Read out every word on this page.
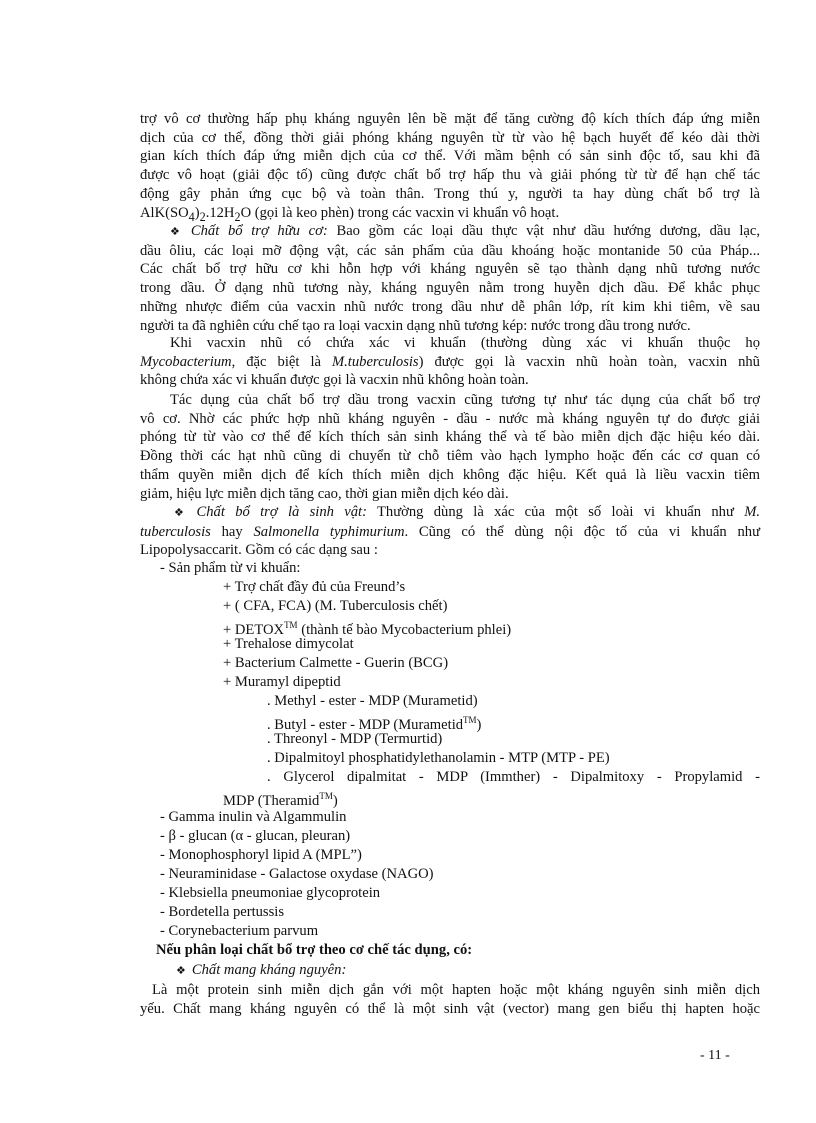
trợ vô cơ thường hấp phụ kháng nguyên lên bề mặt để tăng cường độ kích thích đáp ứng miễn
dịch của cơ thể, đồng thời giải phóng kháng nguyên từ từ vào hệ bạch huyết để kéo dài thời
gian kích thích đáp ứng miễn dịch của cơ thể. Với mầm bệnh có sản sinh độc tố, sau khi đã
được vô hoạt (giải độc tố) cũng được chất bổ trợ hấp thu và giải phóng từ từ để hạn chế tác
động gây phản ứng cục bộ và toàn thân. Trong thú y, người ta hay dùng chất bổ trợ là
$AlK(SO_4)_2.12H_2O$ (gọi là keo phèn) trong các vacxin vi khuẩn vô hoạt.
❖ Chất bổ trợ hữu cơ: Bao gồm các loại dầu thực vật như dầu hướng dương, dầu lạc,
dầu ôliu, các loại mỡ động vật, các sản phẩm của dầu khoáng hoặc montanide 50 của Pháp...
Các chất bổ trợ hữu cơ khi hỗn hợp với kháng nguyên sẽ tạo thành dạng nhũ tương nước
trong dầu. Ở dạng nhũ tương này, kháng nguyên nằm trong huyễn dịch dầu. Để khắc phục
những nhược điểm của vacxin nhũ nước trong dầu như dễ phân lớp, rít kim khi tiêm, về sau
người ta đã nghiên cứu chế tạo ra loại vacxin dạng nhũ tương kép: nước trong dầu trong nước.
Khi vacxin nhũ có chứa xác vi khuẩn (thường dùng xác vi khuẩn thuộc họ
Mycobacterium, đặc biệt là M.tuberculosis) được gọi là vacxin nhũ hoàn toàn, vacxin nhũ
không chứa xác vi khuẩn được gọi là vacxin nhũ không hoàn toàn.
Tác dụng của chất bổ trợ dầu trong vacxin cũng tương tự như tác dụng của chất bổ trợ
vô cơ. Nhờ các phức hợp nhũ kháng nguyên - dầu - nước mà kháng nguyên tự do được giải
phóng từ từ vào cơ thể để kích thích sản sinh kháng thể và tế bào miễn dịch đặc hiệu kéo dài.
Đồng thời các hạt nhũ cũng di chuyển từ chỗ tiêm vào hạch lympho hoặc đến các cơ quan có
thẩm quyền miễn dịch để kích thích miễn dịch không đặc hiệu. Kết quả là liều vacxin tiêm
giảm, hiệu lực miễn dịch tăng cao, thời gian miễn dịch kéo dài.
❖ Chất bổ trợ là sinh vật: Thường dùng là xác của một số loài vi khuẩn như M.
tuberculosis hay Salmonella typhimurium. Cũng có thể dùng nội độc tố của vi khuẩn như
Lipopolysaccarit. Gồm có các dạng sau :

- Sản phẩm từ vi khuẩn:

+ Trợ chất đầy đủ của Freund’s

+ ( CFA, FCA) (M. Tuberculosis chết)

+ DETOX™ (thành tế bào Mycobacterium phlei)

+ Trehalose dimycolat

+ Bacterium Calmette - Guerin (BCG)

+ Muramyl dipeptid

. Methyl - ester - MDP (Murametid)

. Butyl - ester - MDP (Murametid™)

. Threonyl - MDP (Termurtid)

. Dipalmitoyl phosphatidylethanolamin - MTP (MTP - PE)

. Glycerol dipalmitat - MDP (Immther) - Dipalmitoxy - Propylamid -

MDP (Theramid™)

- Gamma inulin và Algammulin

- β - glucan (α - glucan, pleuran)

- Monophosphoryl lipid A (MPL”)

- Neuraminidase - Galactose oxydase (NAGO)

- Klebsiella pneumoniae glycoprotein

- Bordetella pertussis

- Corynebacterium parvum

Nếu phân loại chất bổ trợ theo cơ chế tác dụng, có:

❖ Chất mang kháng nguyên:

Là một protein sinh miễn dịch gắn với một hapten hoặc một kháng nguyên sinh miễn dịch
yếu. Chất mang kháng nguyên có thể là một sinh vật (vector) mang gen biểu thị hapten hoặc
- 11 -
